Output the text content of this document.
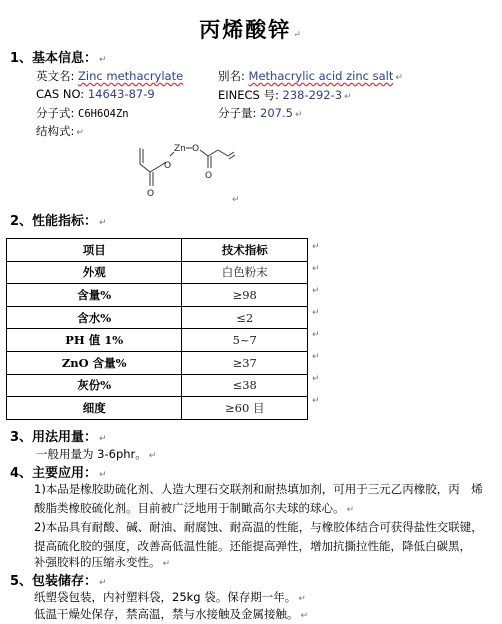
丙烯酸锌 ↵
1、基本信息： ↵
英文名: Zinc methacrylate	别名: Methacrylic acid zinc salt ↵
CAS NO: 14643-87-9	EINECS 号: 238-292-3 ↵
分子式: C6H6O4Zn	分子量: 207.5 ↵
结构式: ↵
Zn O
O
O
O
↵
2、性能指标： ↵
项目	技术指标
外观	白色粉末
含量%	≥98
含水%	≤2
PH 值 1%	5~7
ZnO 含量%	≥37
灰份%	≤38
细度	≥60 目
↵
↵
↵
↵
↵
↵
↵
↵
3、用法用量： ↵
一般用量为 3-6phr。 ↵
4、主要应用： ↵
1)本品是橡胶助硫化剂、人造大理石交联剂和耐热填加剂，可用于三元乙丙橡胶，丙　烯
酸脂类橡胶硫化剂。目前被广泛地用于制瞰高尔夫球的球心。 ↵
2)本品具有耐酸、碱、耐油、耐腐蚀、耐高温的性能，与橡胶体结合可获得盐性交联键，
提高硫化胶的强度，改善高低温性能。还能提高弹性，增加抗撕拉性能，降低白碳黑，
补强胶料的压缩永变性。 ↵
5、包装储存： ↵
纸塑袋包装，内衬塑料袋，25kg 袋。保存期一年。 ↵
低温干燥处保存，禁高温，禁与水接触及金属接触。 ↵
